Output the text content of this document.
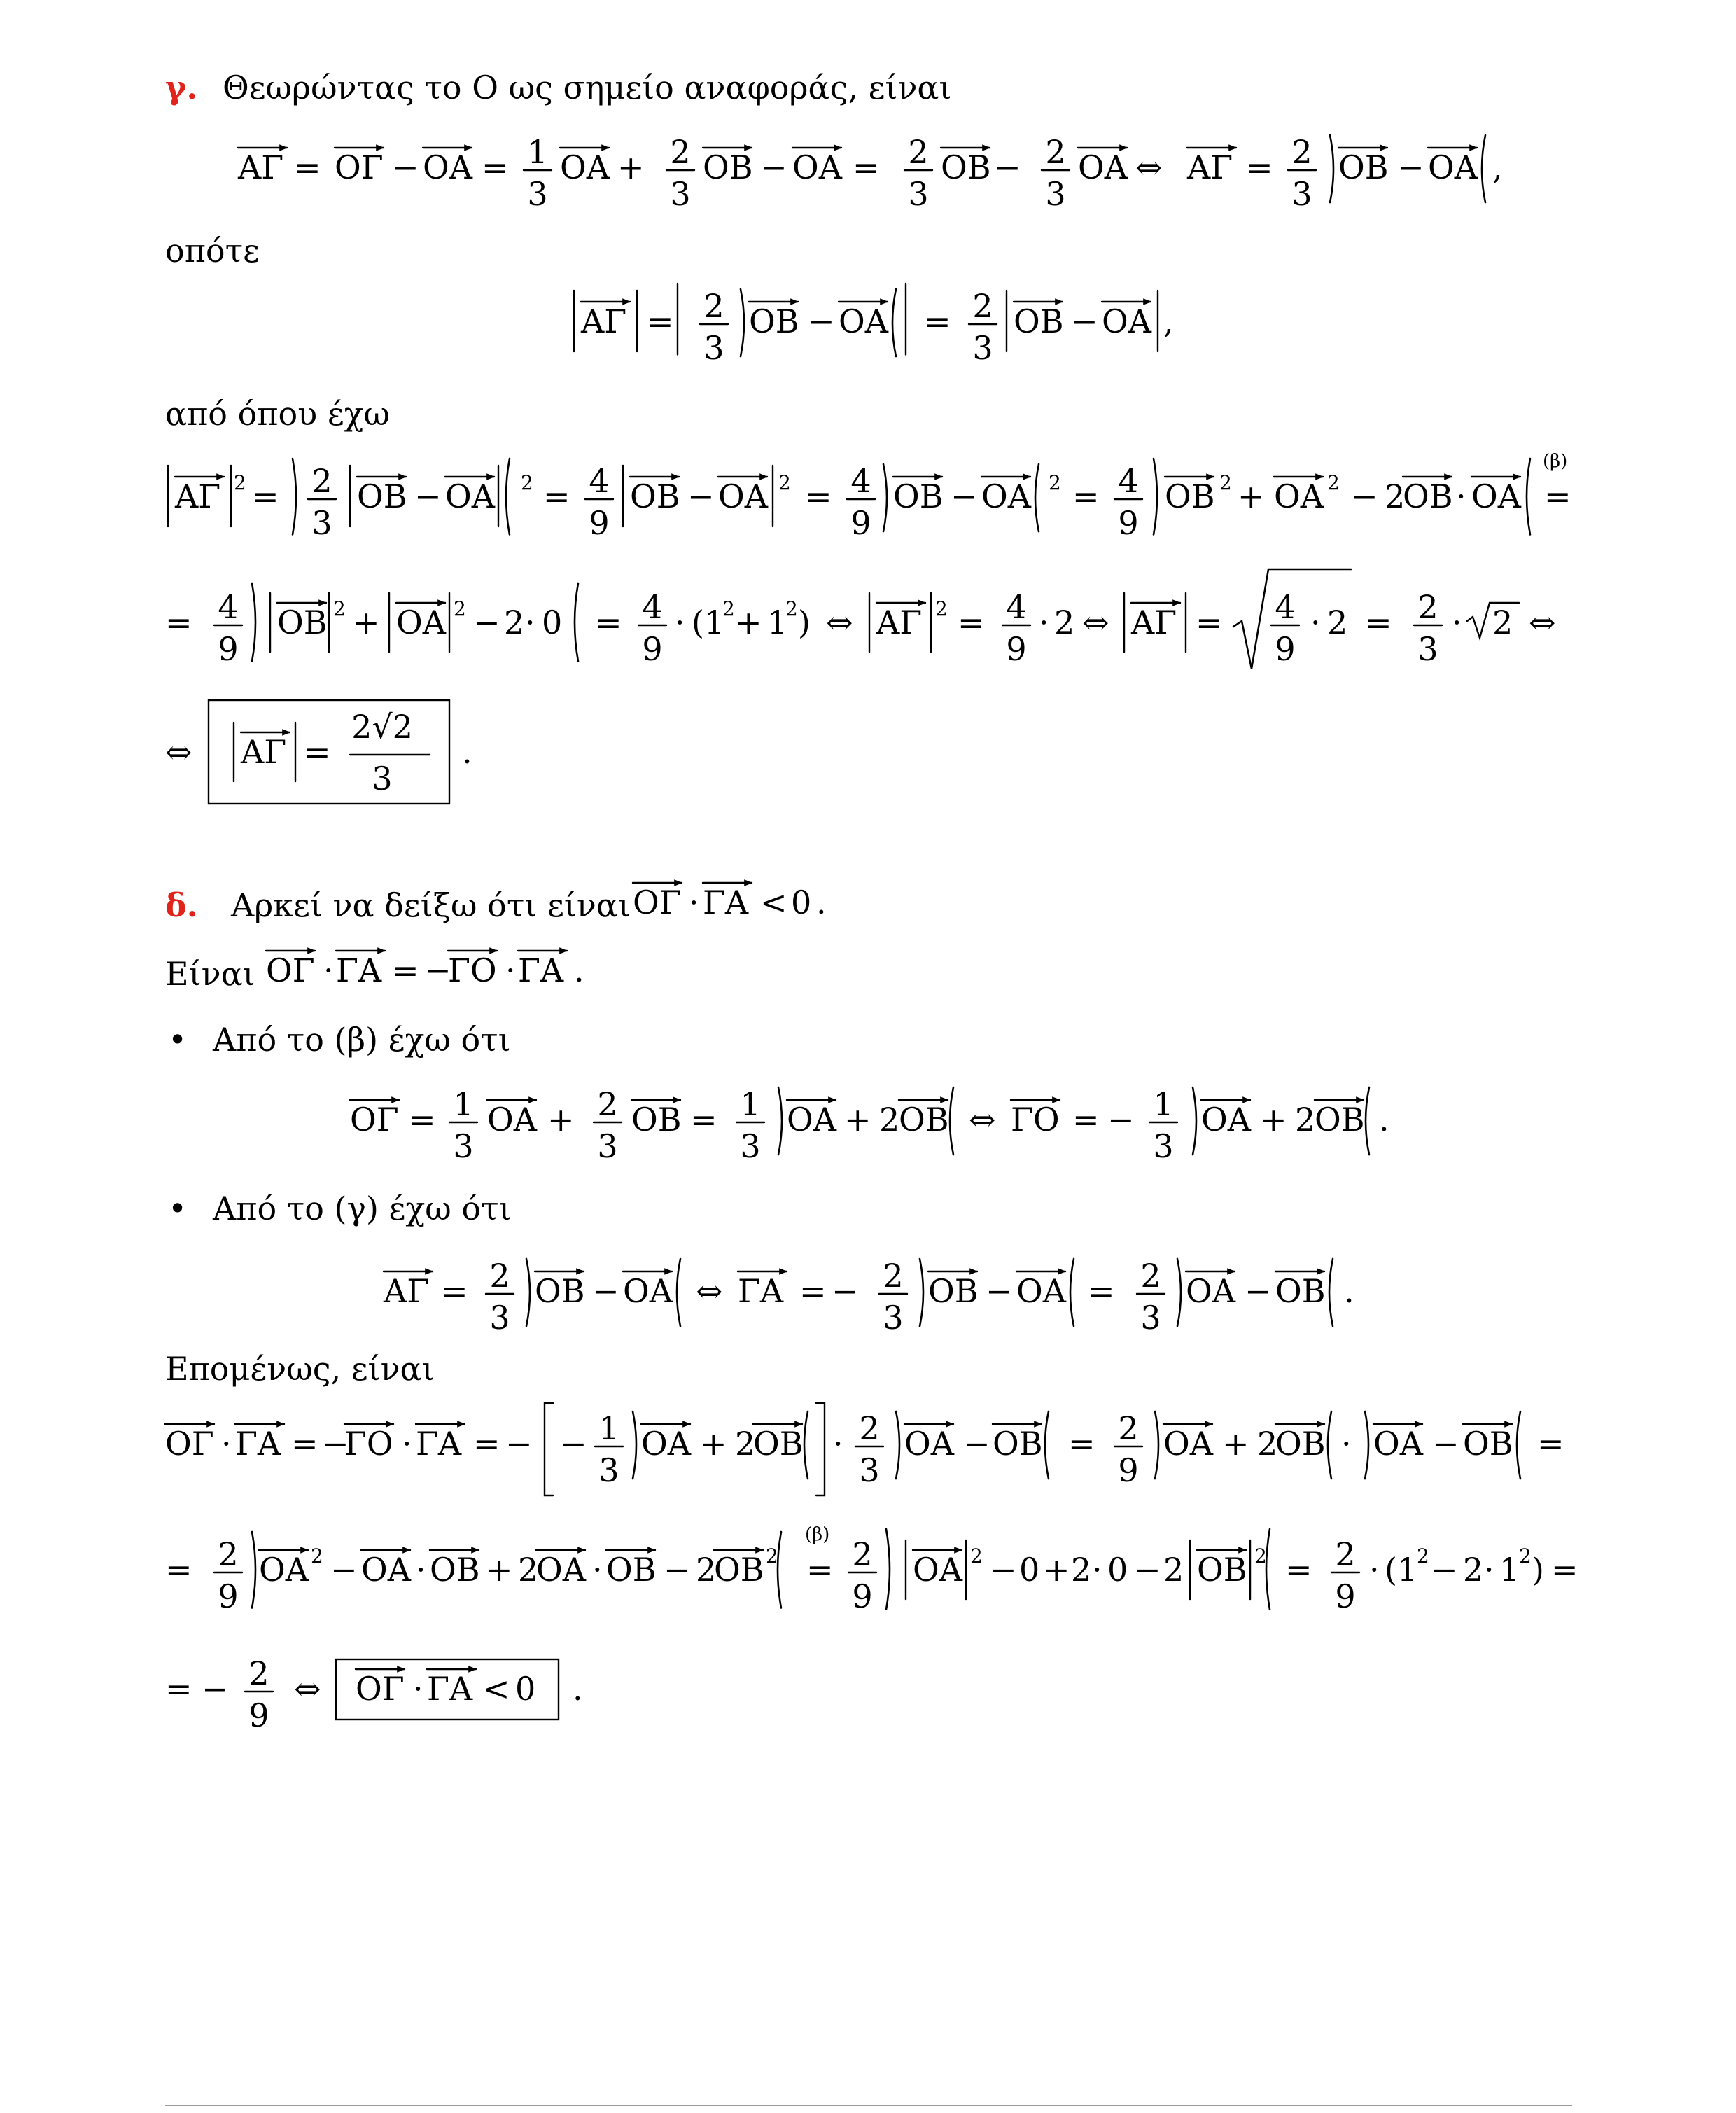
γ. Θεωρώντας το Ο ως σημείο αναφοράς, είναι
οπότε
από όπου έχω
δ. Αρκεί να δείξω ότι είναι
Είναι
• Από το (β) έχω ότι
• Από το (γ) έχω ότι
Επομένως, είναι
ΑΓ = ΟΓ − ΟΑ = 1
3
ΟΑ + 2
3
ΟΒ − ΟΑ = 2
3
ΟΒ − 2
3
ΟΑ ⇔ ΑΓ = 2
3
ΟΒ − ΟΑ ,
ΑΓ = 2
3
ΟΒ − ΟΑ = 2
3
ΟΒ − ΟΑ ,
ΑΓ 2 = 2
3
ΟΒ − ΟΑ 2 = 4
9
ΟΒ − ΟΑ 2 = 4
9
ΟΒ − ΟΑ 2 = 4
9
ΟΒ 2 + ΟΑ 2 − 2
ΟΒ · ΟΑ
(β)
=
= 4
9
ΟΒ 2 + ΟΑ 2 − 2 · 0 = 4
9
· (1
2 + 1
2 ) ⇔ ΑΓ 2 = 4
9
· 2 ⇔ ΑΓ = 4
9
· 2 = 2
3
· 2 ⇔
⇔ ΑΓ =
2√2
3
.
ΟΓ · ΓΑ < 0 .
ΟΓ · ΓΑ = −
ΓΟ · ΓΑ .
ΟΓ = 1
3
ΟΑ + 2
3
ΟΒ = 1
3
ΟΑ + 2
ΟΒ ⇔ ΓΟ = − 1
3
ΟΑ + 2
ΟΒ .
ΑΓ = 2
3
ΟΒ − ΟΑ ⇔ ΓΑ = − 2
3
ΟΒ − ΟΑ = 2
3
ΟΑ − ΟΒ .
ΟΓ · ΓΑ = −
ΓΟ · ΓΑ = − − 1
3
ΟΑ + 2
ΟΒ · 2
3
ΟΑ − ΟΒ = 2
9
ΟΑ + 2
ΟΒ · ΟΑ − ΟΒ =
= 2
9
ΟΑ 2 − ΟΑ · ΟΒ + 2
ΟΑ · ΟΒ − 2
ΟΒ 2
(β)
= 2
9
ΟΑ 2 − 0 + 2 · 0 − 2 ΟΒ 2 = 2
9
· (1
2 − 2 · 1
2 ) =
= − 2
9
⇔ ΟΓ · ΓΑ < 0 .
